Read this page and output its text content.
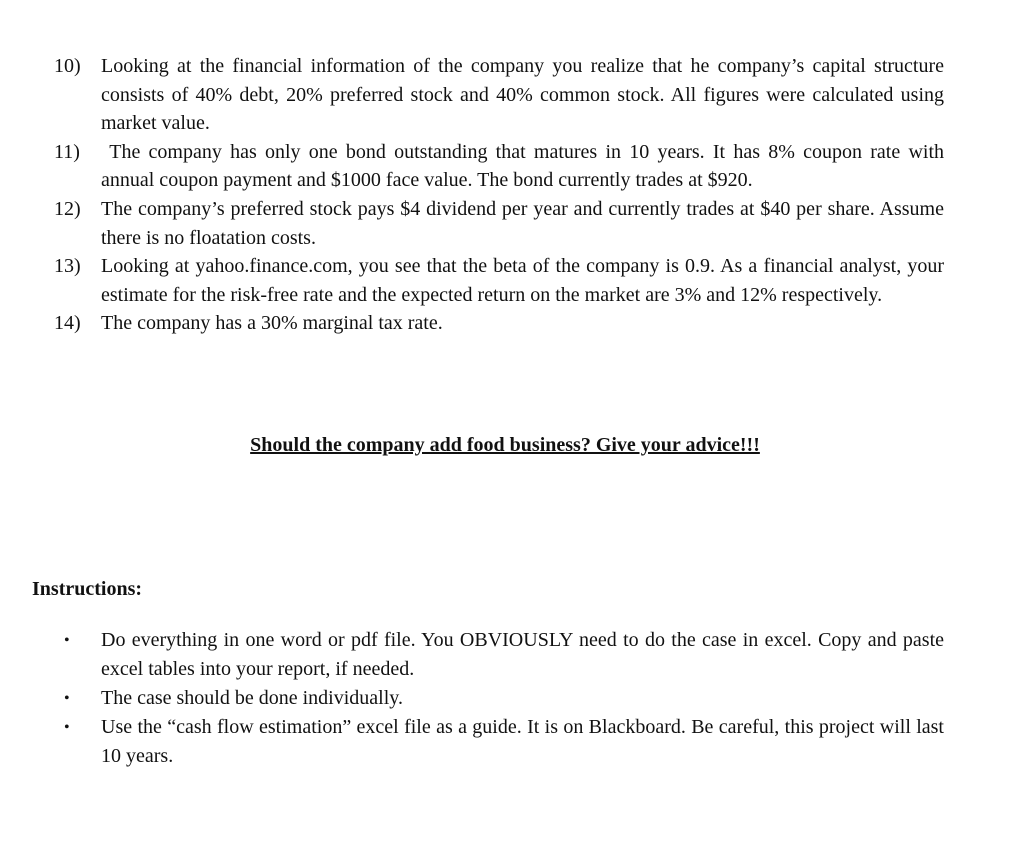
10) Looking at the financial information of the company you realize that he company’s capital structure consists of 40% debt, 20% preferred stock and 40% common stock. All figures were calculated using market value.
11) The company has only one bond outstanding that matures in 10 years. It has 8% coupon rate with annual coupon payment and $1000 face value. The bond currently trades at $920.
12) The company’s preferred stock pays $4 dividend per year and currently trades at $40 per share. Assume there is no floatation costs.
13) Looking at yahoo.finance.com, you see that the beta of the company is 0.9. As a financial analyst, your estimate for the risk-free rate and the expected return on the market are 3% and 12% respectively.
14) The company has a 30% marginal tax rate.

Should the company add food business? Give your advice!!!

Instructions:

• Do everything in one word or pdf file. You OBVIOUSLY need to do the case in excel. Copy and paste excel tables into your report, if needed.
• The case should be done individually.
• Use the “cash flow estimation” excel file as a guide. It is on Blackboard. Be careful, this project will last 10 years.
